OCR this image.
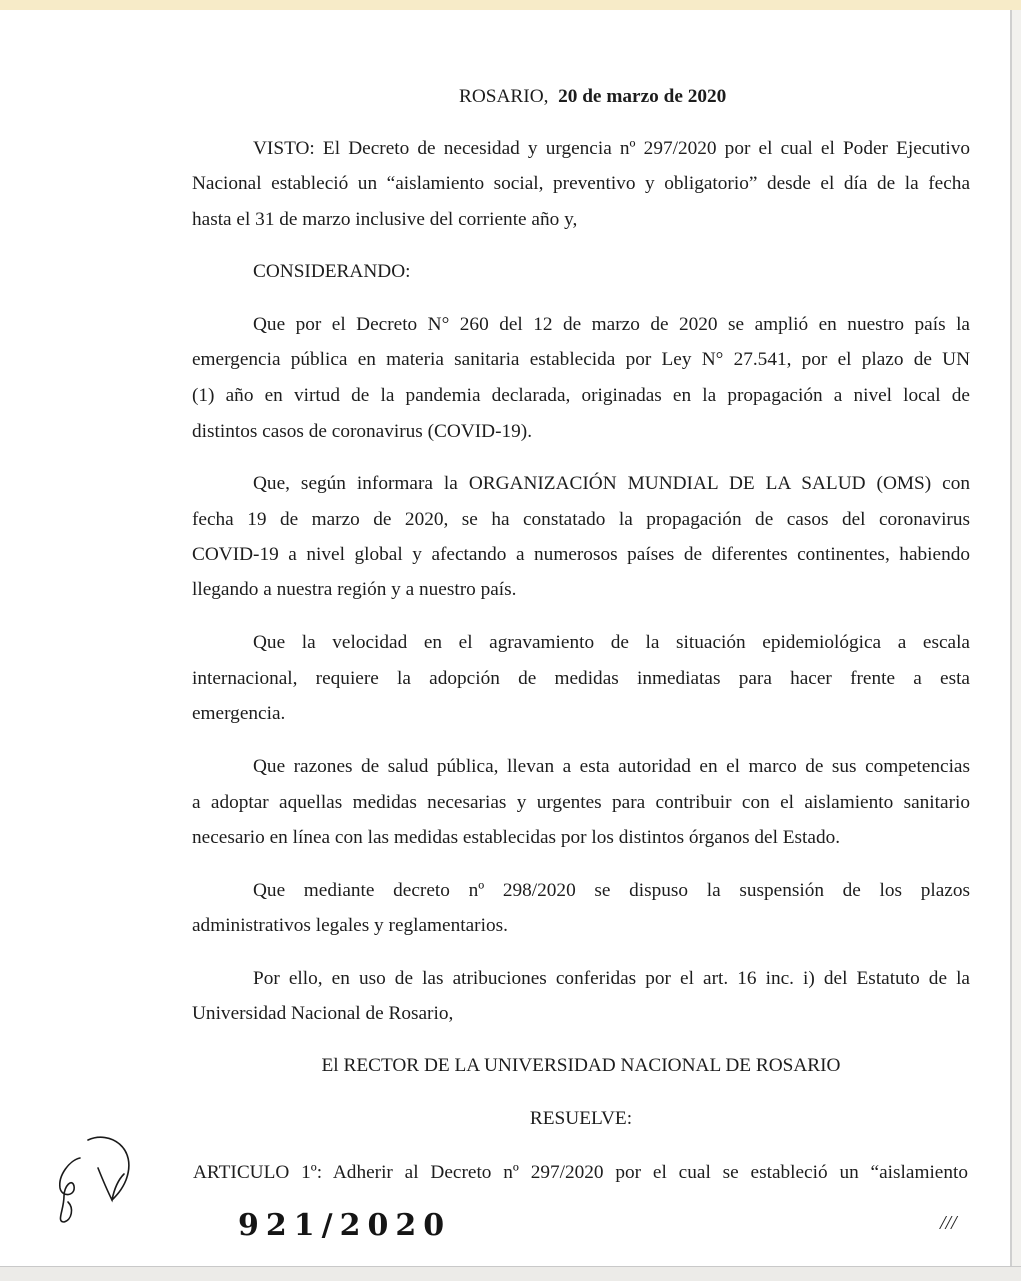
ROSARIO, 20 de marzo de 2020
VISTO: El Decreto de necesidad y urgencia nº 297/2020 por el cual el Poder Ejecutivo
Nacional estableció un “aislamiento social, preventivo y obligatorio” desde el día de la fecha
hasta el 31 de marzo inclusive del corriente año y,
CONSIDERANDO:
Que por el Decreto N° 260 del 12 de marzo de 2020 se amplió en nuestro país la
emergencia pública en materia sanitaria establecida por Ley N° 27.541, por el plazo de UN
(1) año en virtud de la pandemia declarada, originadas en la propagación a nivel local de
distintos casos de coronavirus (COVID-19).
Que, según informara la ORGANIZACIÓN MUNDIAL DE LA SALUD (OMS) con
fecha 19 de marzo de 2020, se ha constatado la propagación de casos del coronavirus
COVID-19 a nivel global y afectando a numerosos países de diferentes continentes, habiendo
llegando a nuestra región y a nuestro país.
Que la velocidad en el agravamiento de la situación epidemiológica a escala
internacional, requiere la adopción de medidas inmediatas para hacer frente a esta
emergencia.
Que razones de salud pública, llevan a esta autoridad en el marco de sus competencias
a adoptar aquellas medidas necesarias y urgentes para contribuir con el aislamiento sanitario
necesario en línea con las medidas establecidas por los distintos órganos del Estado.
Que mediante decreto nº 298/2020 se dispuso la suspensión de los plazos
administrativos legales y reglamentarios.
Por ello, en uso de las atribuciones conferidas por el art. 16 inc. i) del Estatuto de la
Universidad Nacional de Rosario,
El RECTOR DE LA UNIVERSIDAD NACIONAL DE ROSARIO
RESUELVE:
ARTICULO 1º: Adherir al Decreto nº 297/2020 por el cual se estableció un “aislamiento
921/2020	///
